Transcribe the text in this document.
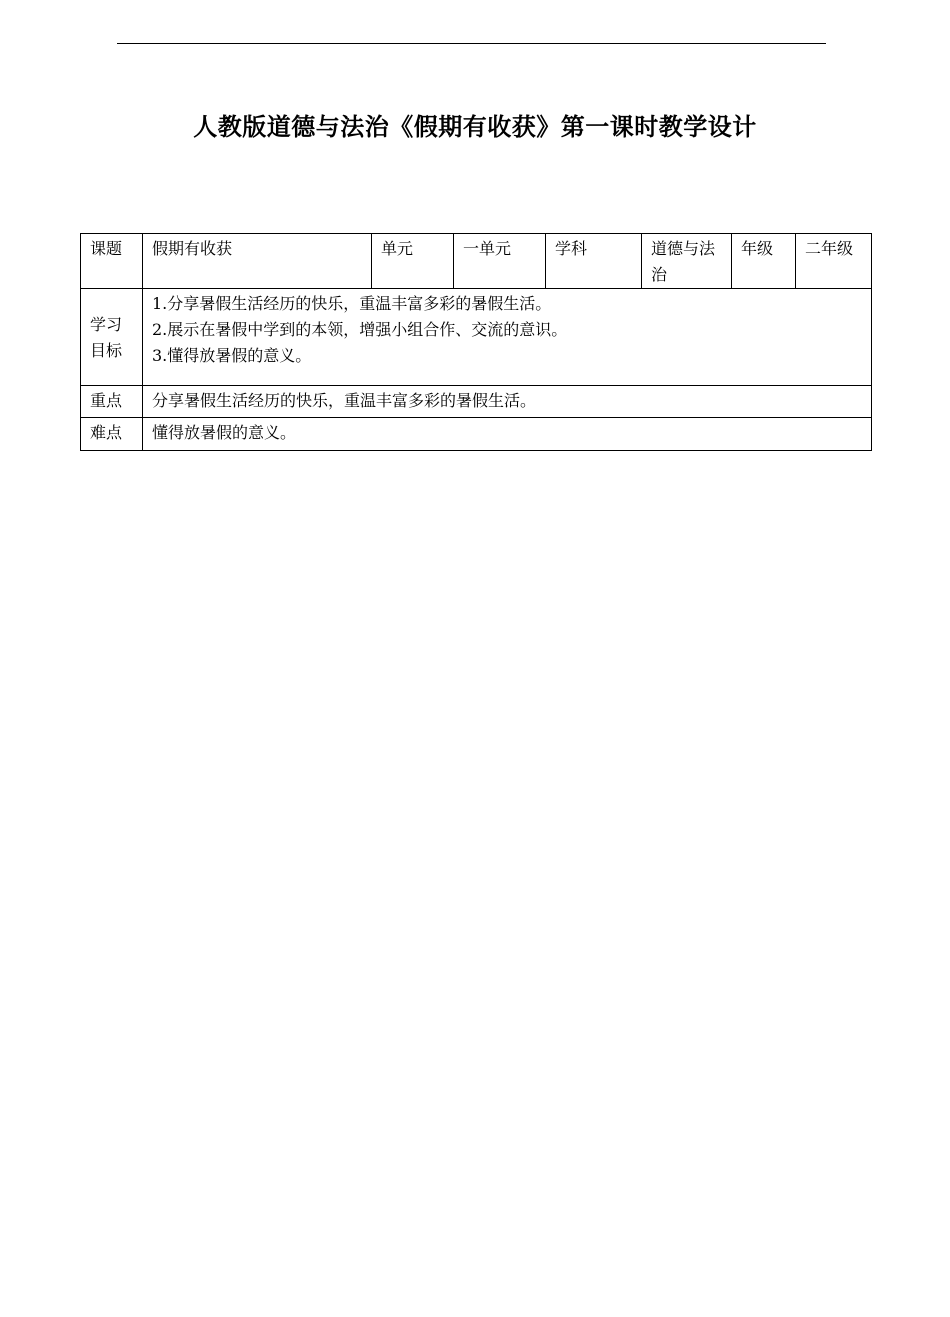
人教版道德与法治《假期有收获》第一课时教学设计
课题	假期有收获	单元	一单元	学科	道德与法治	年级	二年级
学习目标	1.分享暑假生活经历的快乐，重温丰富多彩的暑假生活。
2.展示在暑假中学到的本领，增强小组合作、交流的意识。
3.懂得放暑假的意义。						

重点	分享暑假生活经历的快乐，重温丰富多彩的暑假生活。						
难点	懂得放暑假的意义。						
